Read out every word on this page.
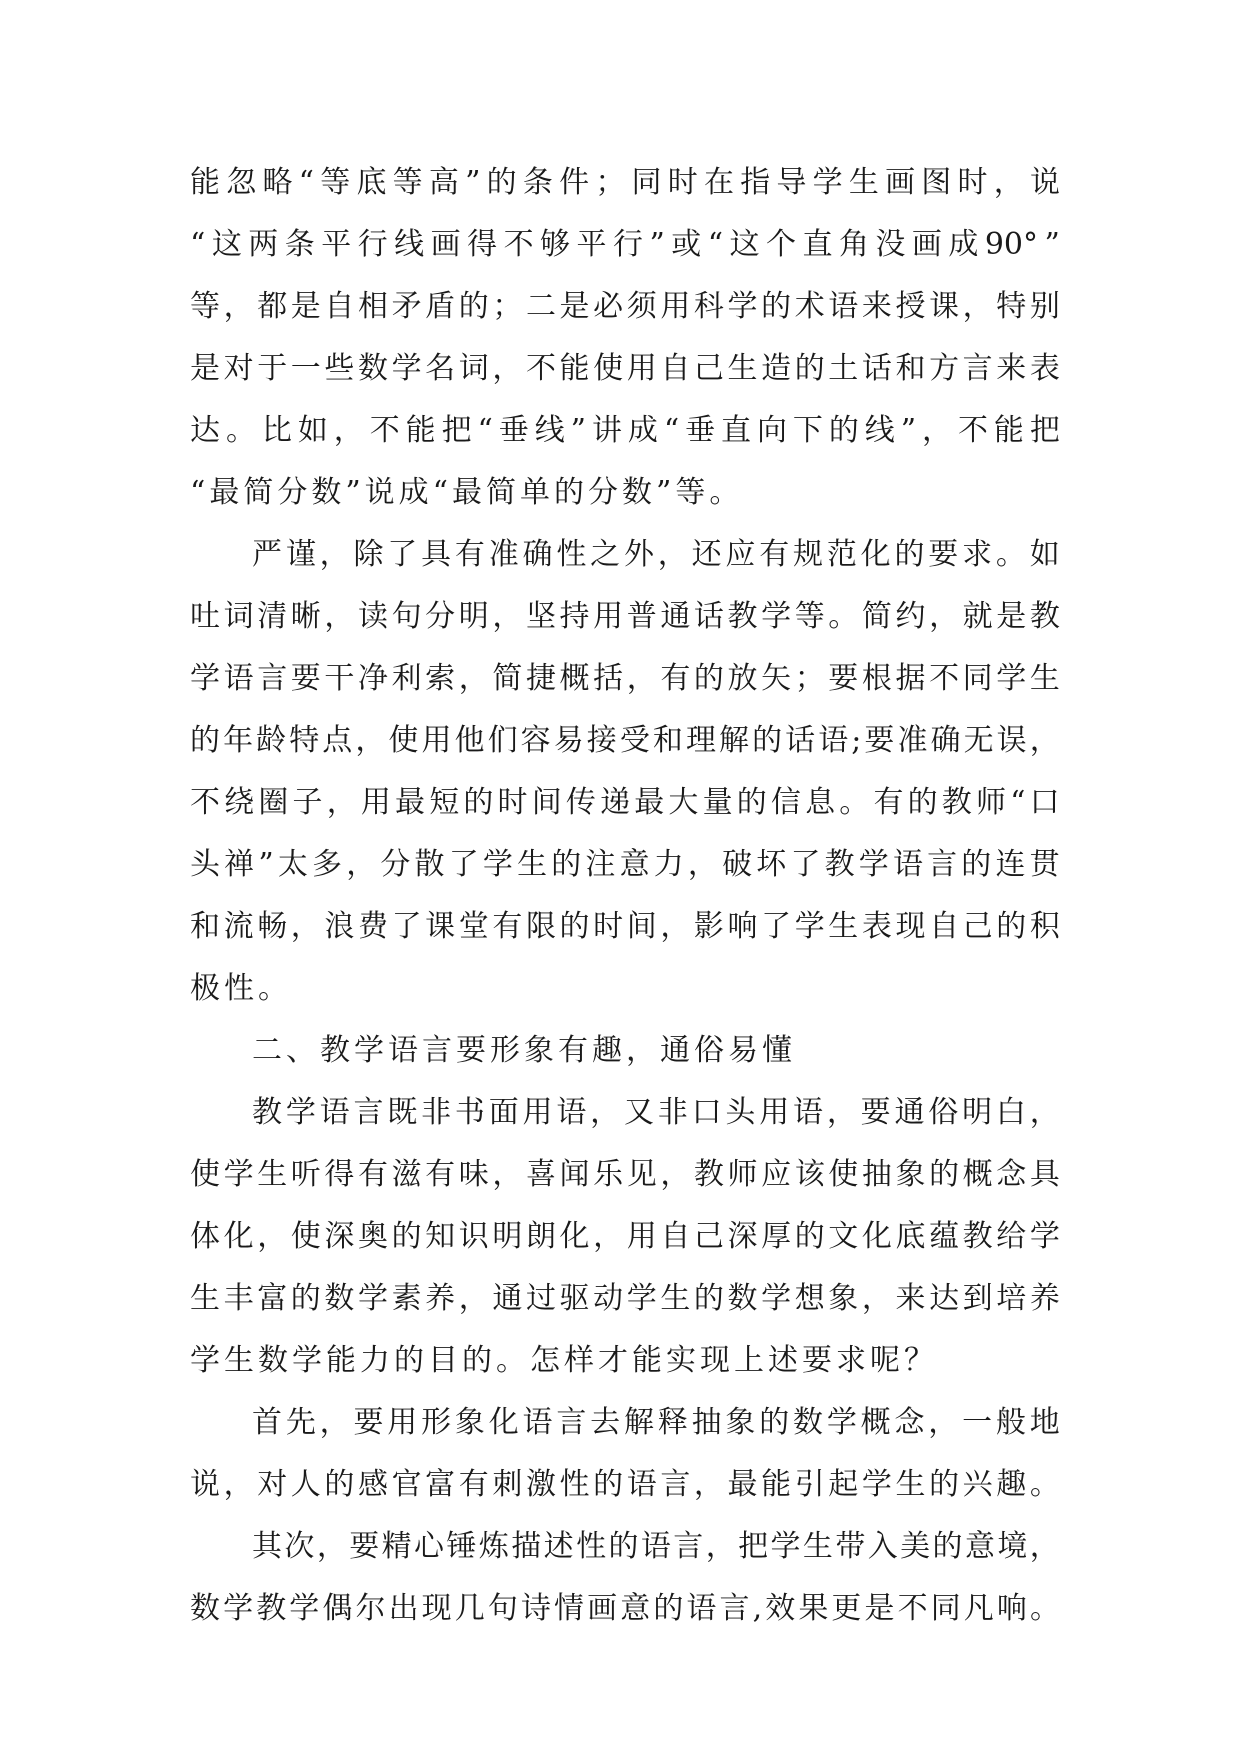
能 忽 略 “ 等 底 等 高 ” 的 条 件 ； 同 时 在 指 导 学 生 画 图 时 ， 说
“ 这 两 条 平 行 线 画 得 不 够 平 行 ” 或 “ 这 个 直 角 没 画 成 90° ”
等 ， 都 是 自 相 矛 盾 的 ； 二 是 必 须 用 科 学 的 术 语 来 授 课 ， 特 别
是 对 于 一 些 数 学 名 词 ， 不 能 使 用 自 己 生 造 的 土 话 和 方 言 来 表
达 。 比 如 ， 不 能 把 “ 垂 线 ” 讲 成 “ 垂 直 向 下 的 线 ” ， 不 能 把
“最简分数”说成“最简单的分数”等。
严 谨 ， 除 了 具 有 准 确 性 之 外 ， 还 应 有 规 范 化 的 要 求 。 如
吐 词 清 晰 ， 读 句 分 明 ， 坚 持 用 普 通 话 教 学 等 。 简 约 ， 就 是 教
学 语 言 要 干 净 利 索 ， 简 捷 概 括 ， 有 的 放 矢 ； 要 根 据 不 同 学 生
的 年 龄 特 点 ， 使 用 他 们 容 易 接 受 和 理 解 的 话 语 ; 要 准 确 无 误 ，
不 绕 圈 子 ， 用 最 短 的 时 间 传 递 最 大 量 的 信 息 。 有 的 教 师 “ 口
头 禅 ” 太 多 ， 分 散 了 学 生 的 注 意 力 ， 破 坏 了 教 学 语 言 的 连 贯
和 流 畅 ， 浪 费 了 课 堂 有 限 的 时 间 ， 影 响 了 学 生 表 现 自 己 的 积
极性。
二、教学语言要形象有趣，通俗易懂
教 学 语 言 既 非 书 面 用 语 ， 又 非 口 头 用 语 ， 要 通 俗 明 白 ，
使 学 生 听 得 有 滋 有 味 ， 喜 闻 乐 见 ， 教 师 应 该 使 抽 象 的 概 念 具
体 化 ， 使 深 奥 的 知 识 明 朗 化 ， 用 自 己 深 厚 的 文 化 底 蕴 教 给 学
生 丰 富 的 数 学 素 养 ， 通 过 驱 动 学 生 的 数 学 想 象 ， 来 达 到 培 养
学生数学能力的目的。怎样才能实现上述要求呢？
首 先 ， 要 用 形 象 化 语 言 去 解 释 抽 象 的 数 学 概 念 ， 一 般 地
说 ， 对 人 的 感 官 富 有 刺 激 性 的 语 言 ， 最 能 引 起 学 生 的 兴 趣 。
其 次 ， 要 精 心 锤 炼 描 述 性 的 语 言 ， 把 学 生 带 入 美 的 意 境 ，
数 学 教 学 偶 尔 出 现 几 句 诗 情 画 意 的 语 言 , 效 果 更 是 不 同 凡 响 。
